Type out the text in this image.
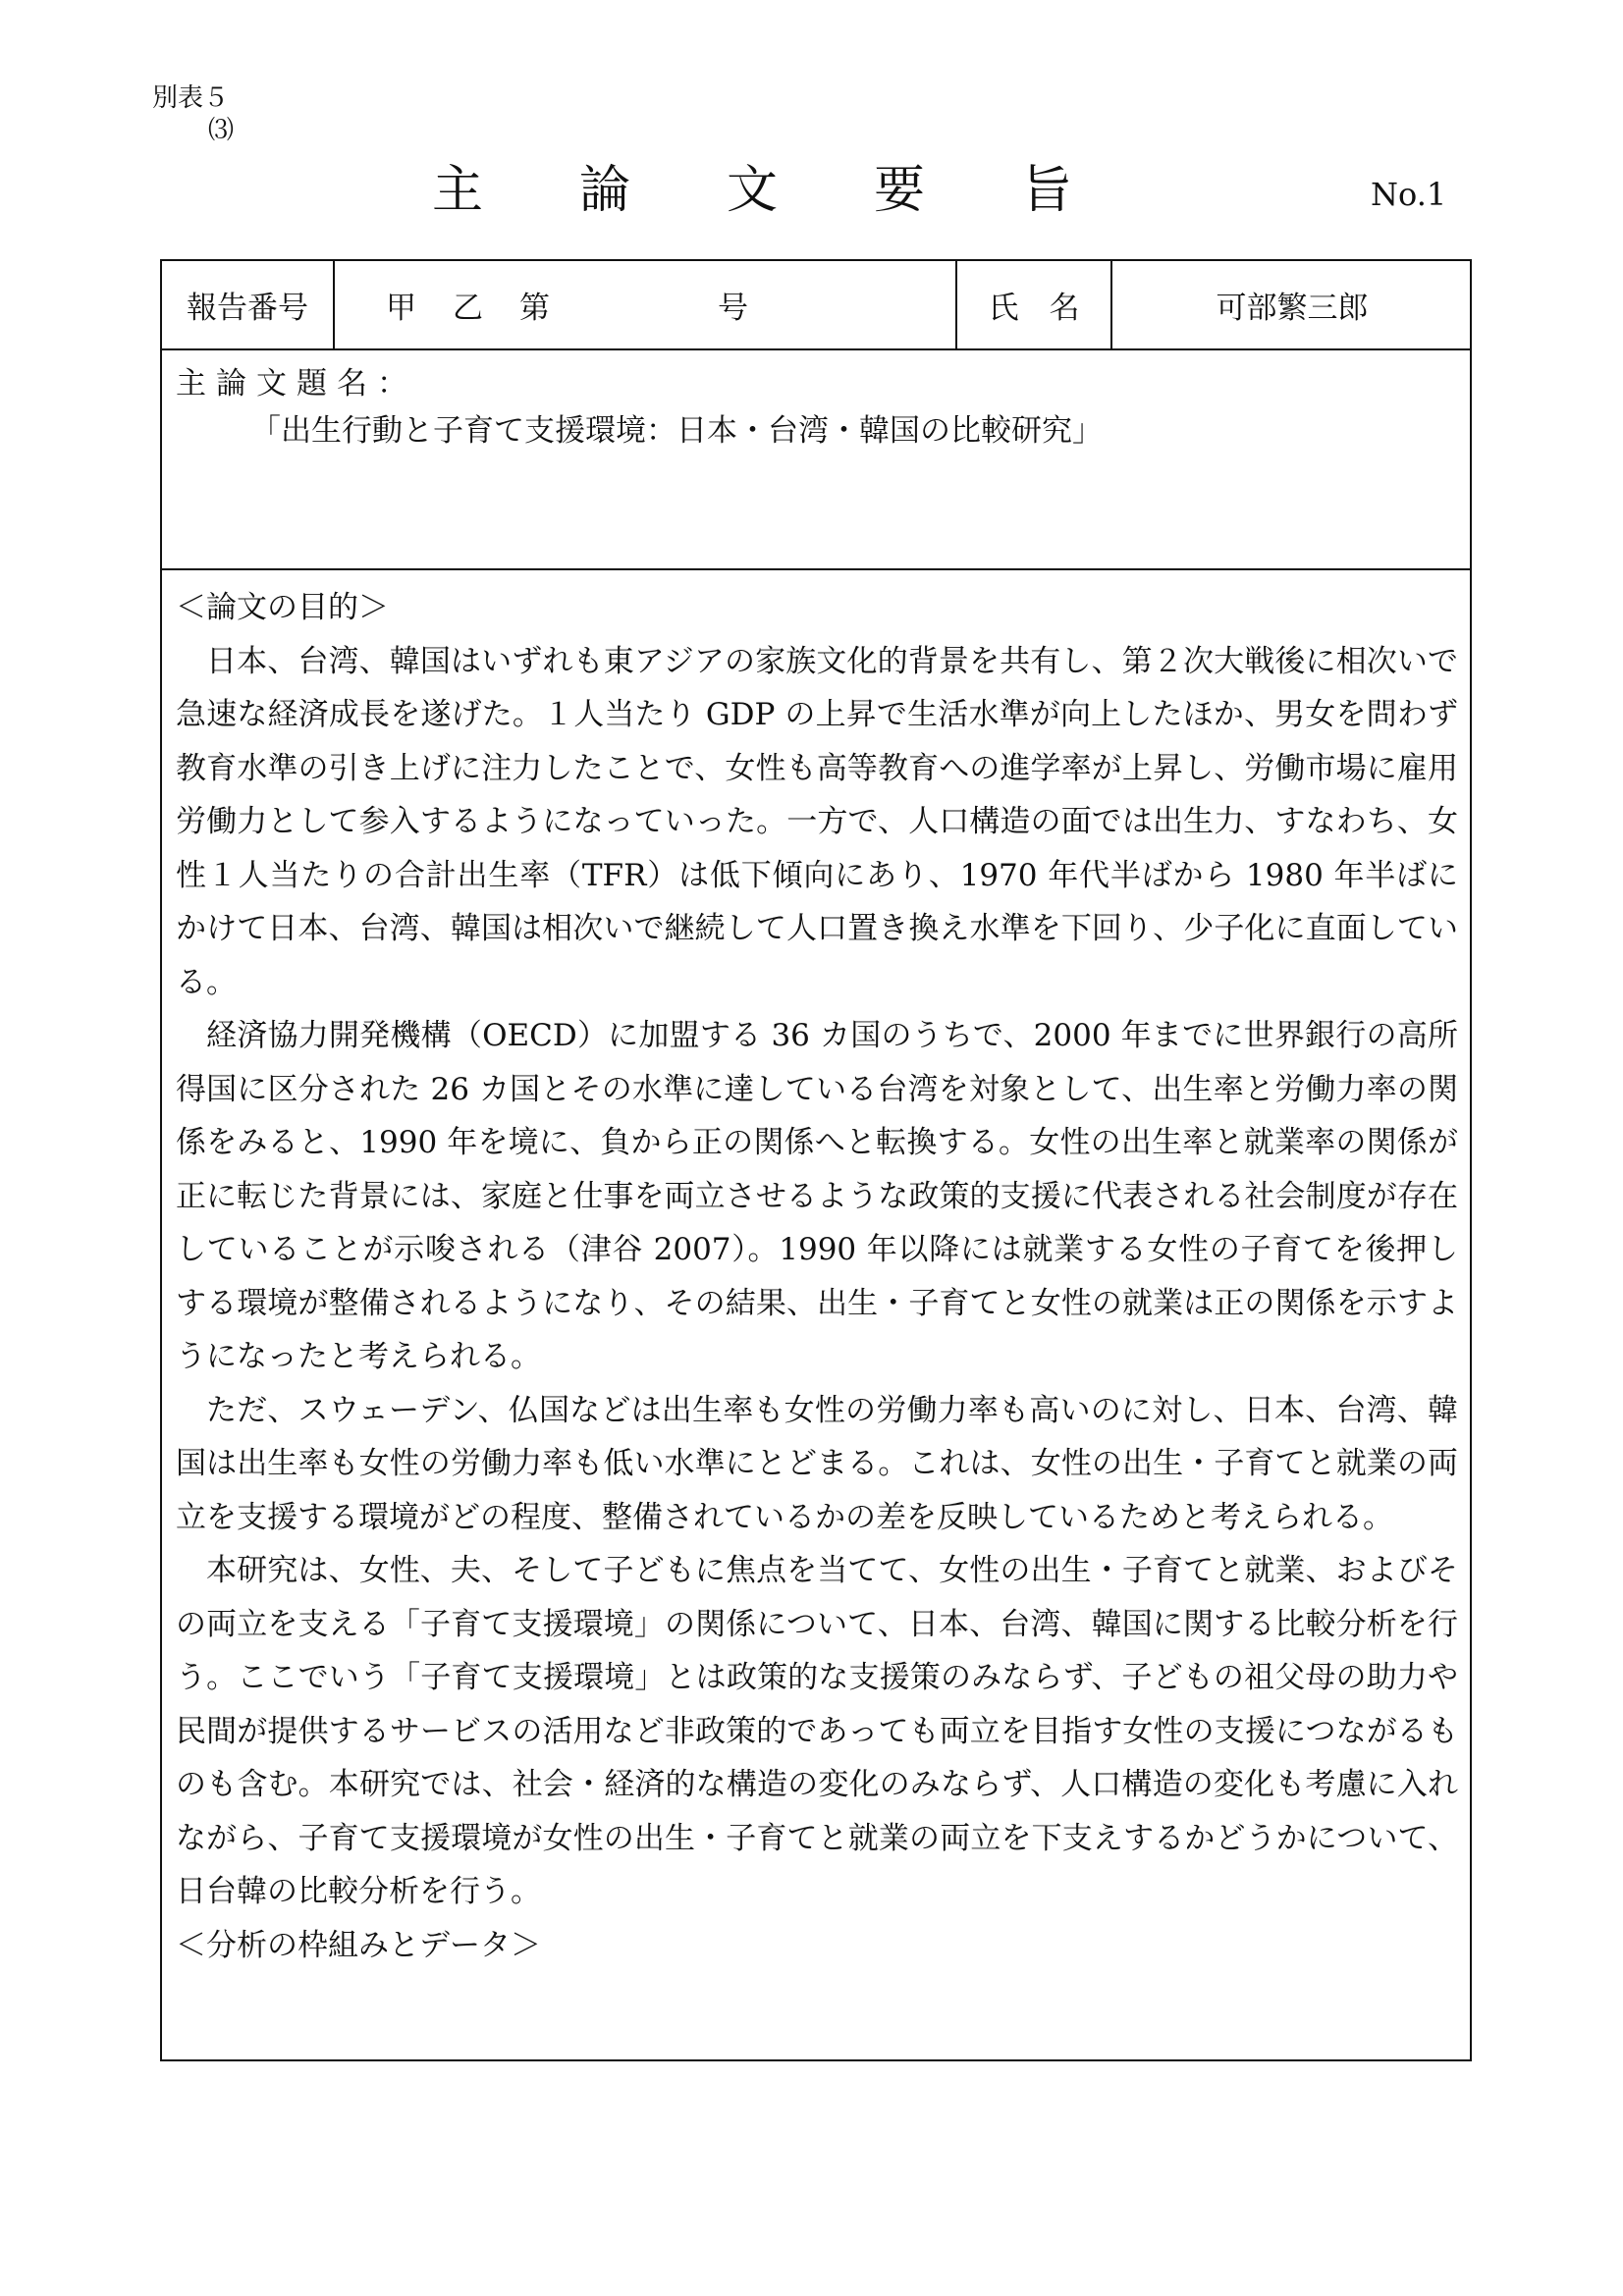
別表５
⑶
主 論 文 要 旨	No.1
報告番号	甲 乙 第	号	氏　名	可部繁三郎
主論文題名：
「出生行動と子育て支援環境：日本・台湾・韓国の比較研究」

＜論文の目的＞

日本、台湾、韓国はいずれも東アジアの家族文化的背景を共有し、第２次大戦後に相次いで急速な経済成長を遂げた。１人当たり GDP の上昇で生活水準が向上したほか、男女を問わず教育水準の引き上げに注力したことで、女性も高等教育への進学率が上昇し、労働市場に雇用労働力として参入するようになっていった。一方で、人口構造の面では出生力、すなわち、女性１人当たりの合計出生率（TFR）は低下傾向にあり、1970 年代半ばから 1980 年半ばにかけて日本、台湾、韓国は相次いで継続して人口置き換え水準を下回り、少子化に直面している。

経済協力開発機構（OECD）に加盟する 36 カ国のうちで、2000 年までに世界銀行の高所得国に区分された 26 カ国とその水準に達している台湾を対象として、出生率と労働力率の関係をみると、1990 年を境に、負から正の関係へと転換する。女性の出生率と就業率の関係が正に転じた背景には、家庭と仕事を両立させるような政策的支援に代表される社会制度が存在していることが示唆される（津谷 2007）。1990 年以降には就業する女性の子育てを後押しする環境が整備されるようになり、その結果、出生・子育てと女性の就業は正の関係を示すようになったと考えられる。

ただ、スウェーデン、仏国などは出生率も女性の労働力率も高いのに対し、日本、台湾、韓国は出生率も女性の労働力率も低い水準にとどまる。これは、女性の出生・子育てと就業の両立を支援する環境がどの程度、整備されているかの差を反映しているためと考えられる。

本研究は、女性、夫、そして子どもに焦点を当てて、女性の出生・子育てと就業、およびその両立を支える「子育て支援環境」の関係について、日本、台湾、韓国に関する比較分析を行う。ここでいう「子育て支援環境」とは政策的な支援策のみならず、子どもの祖父母の助力や民間が提供するサービスの活用など非政策的であっても両立を目指す女性の支援につながるものも含む。本研究では、社会・経済的な構造の変化のみならず、人口構造の変化も考慮に入れながら、子育て支援環境が女性の出生・子育てと就業の両立を下支えするかどうかについて、日台韓の比較分析を行う。

＜分析の枠組みとデータ＞
